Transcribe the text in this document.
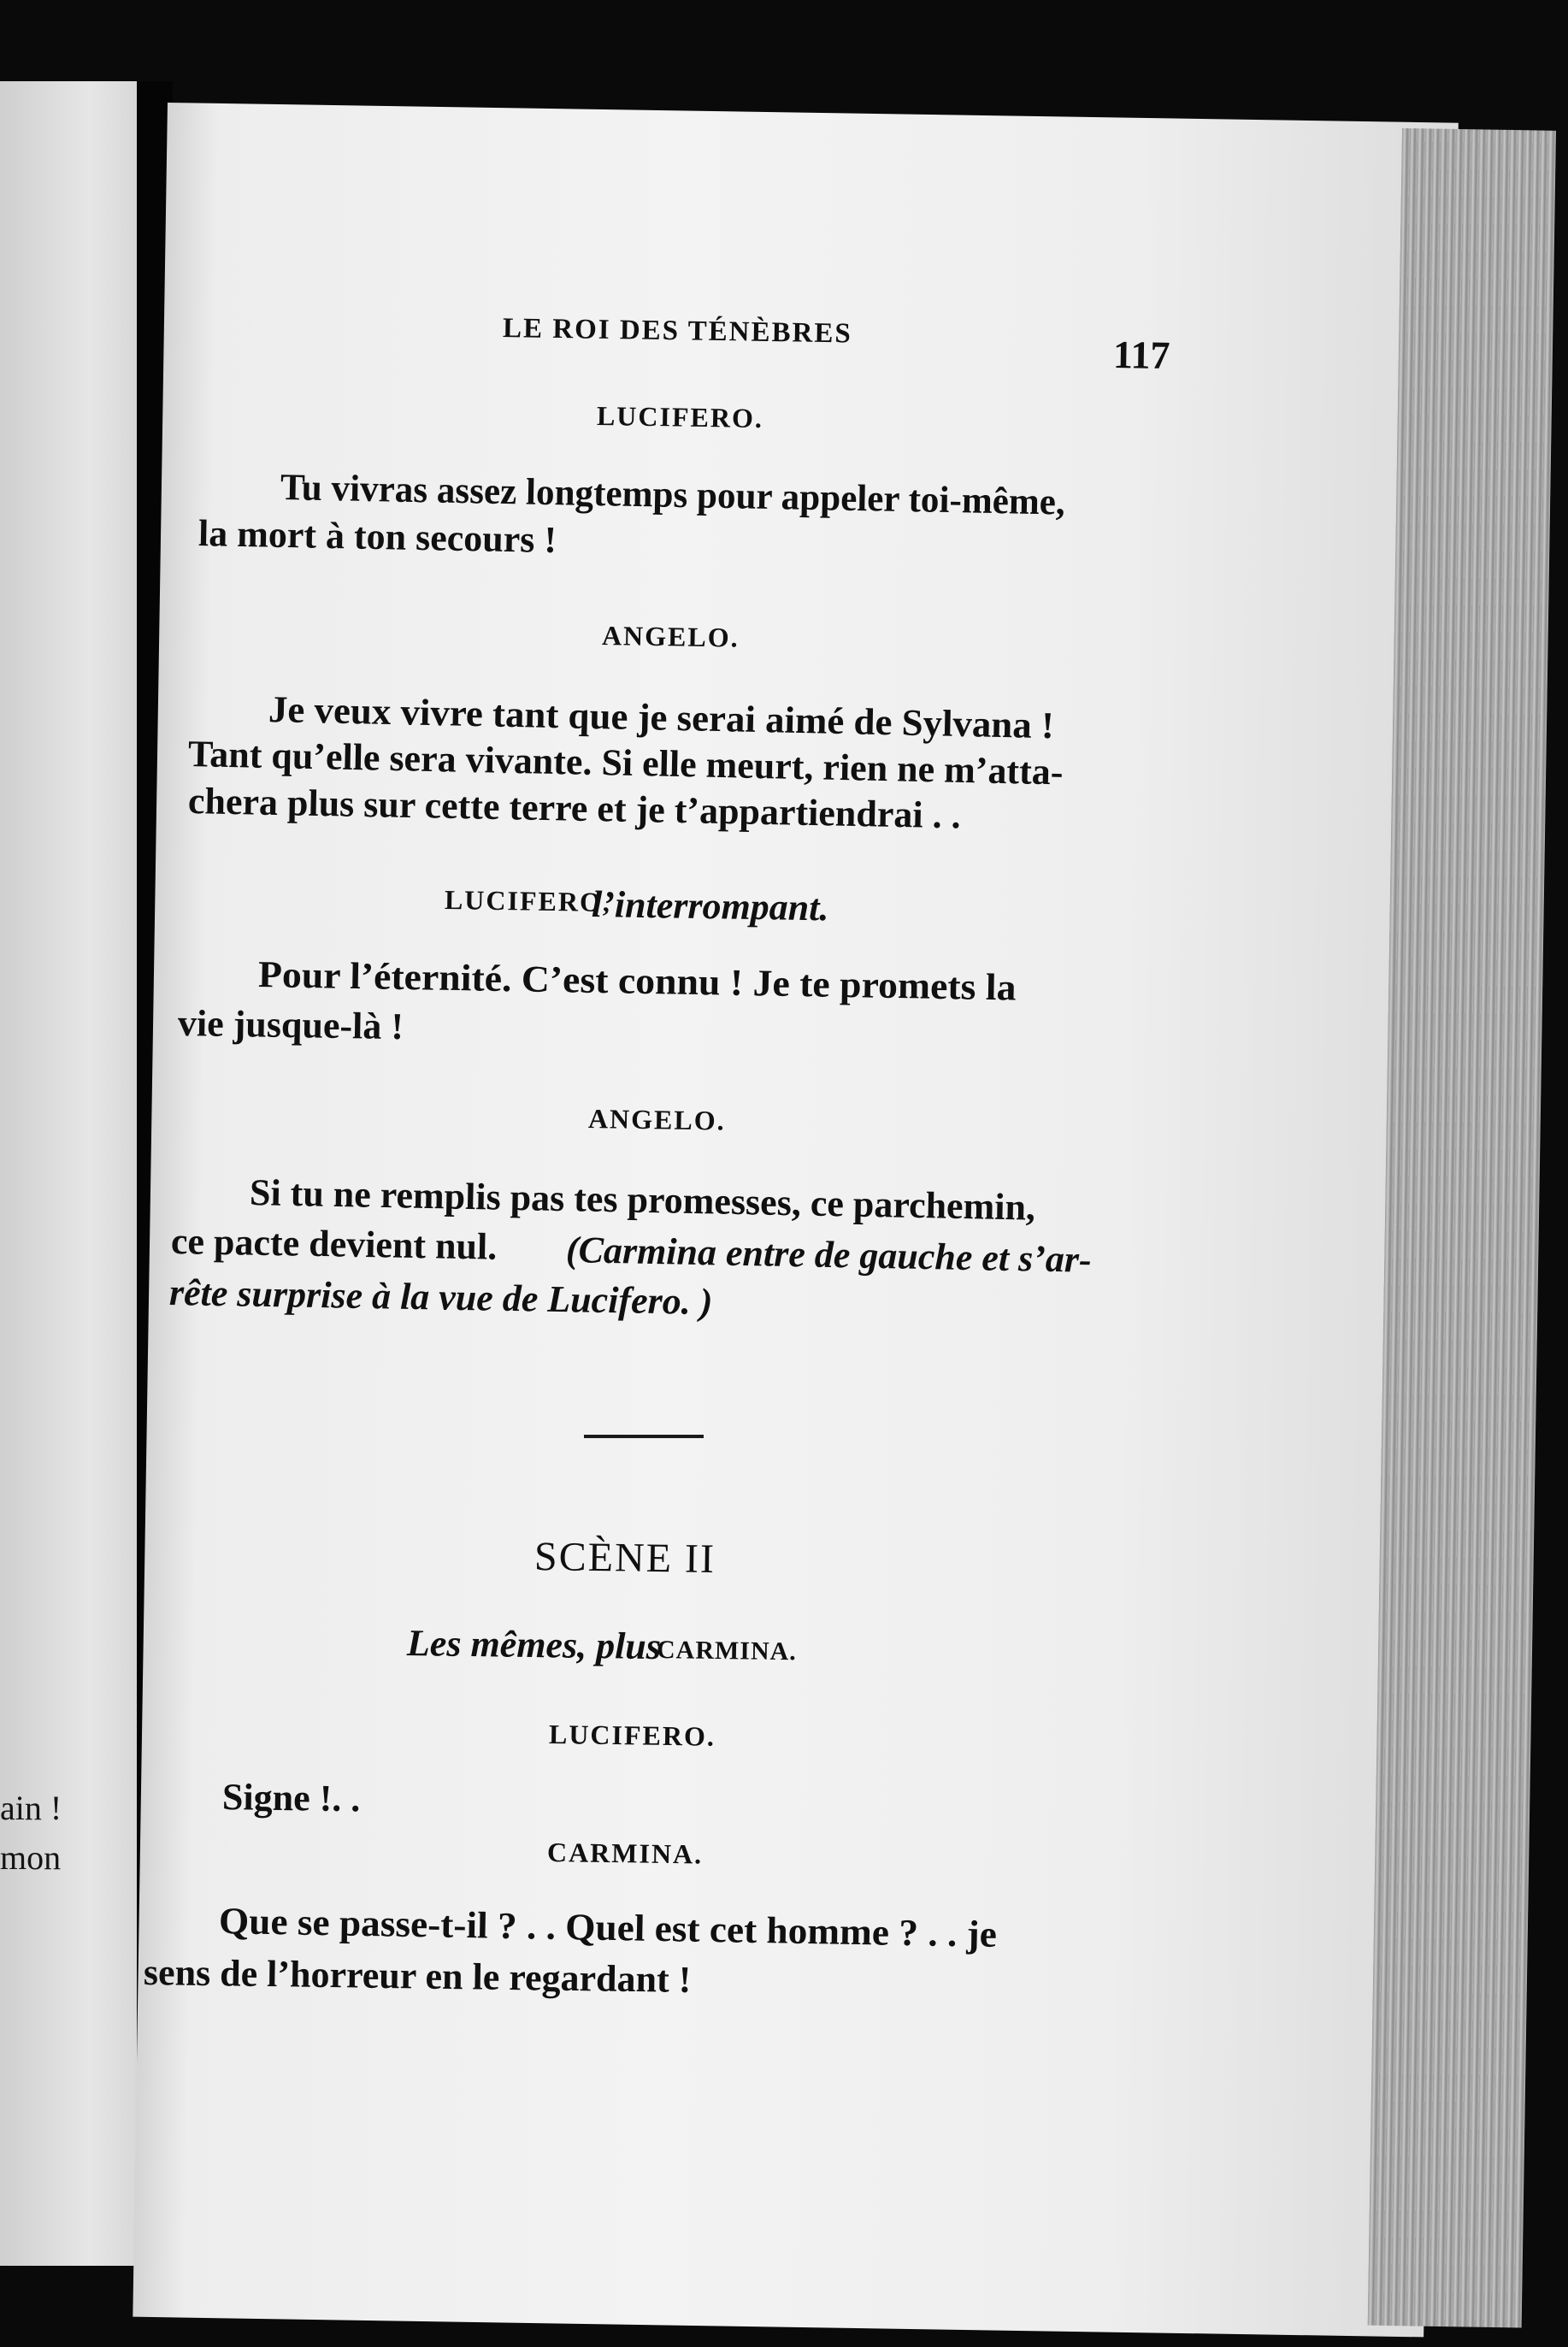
ain !
mon
LE ROI DES TÉNÈBRES
117
LUCIFERO.
Tu vivras assez longtemps pour appeler toi-même,
la mort à ton secours !
ANGELO.
Je veux vivre tant que je serai aimé de Sylvana !
Tant qu’elle sera vivante. Si elle meurt, rien ne m’atta-
chera plus sur cette terre et je t’appartiendrai . .
LUCIFERO,
l’interrompant.
Pour l’éternité. C’est connu ! Je te promets la
vie jusque-là !
ANGELO.
Si tu ne remplis pas tes promesses, ce parchemin,
ce pacte devient nul. (Carmina entre de gauche et s’ar-
rête surprise à la vue de Lucifero. )
SCÈNE II
Les mêmes, plus
CARMINA.
LUCIFERO.
Signe !. .
CARMINA.
Que se passe-t-il ? . . Quel est cet homme ? . . je
sens de l’horreur en le regardant !
